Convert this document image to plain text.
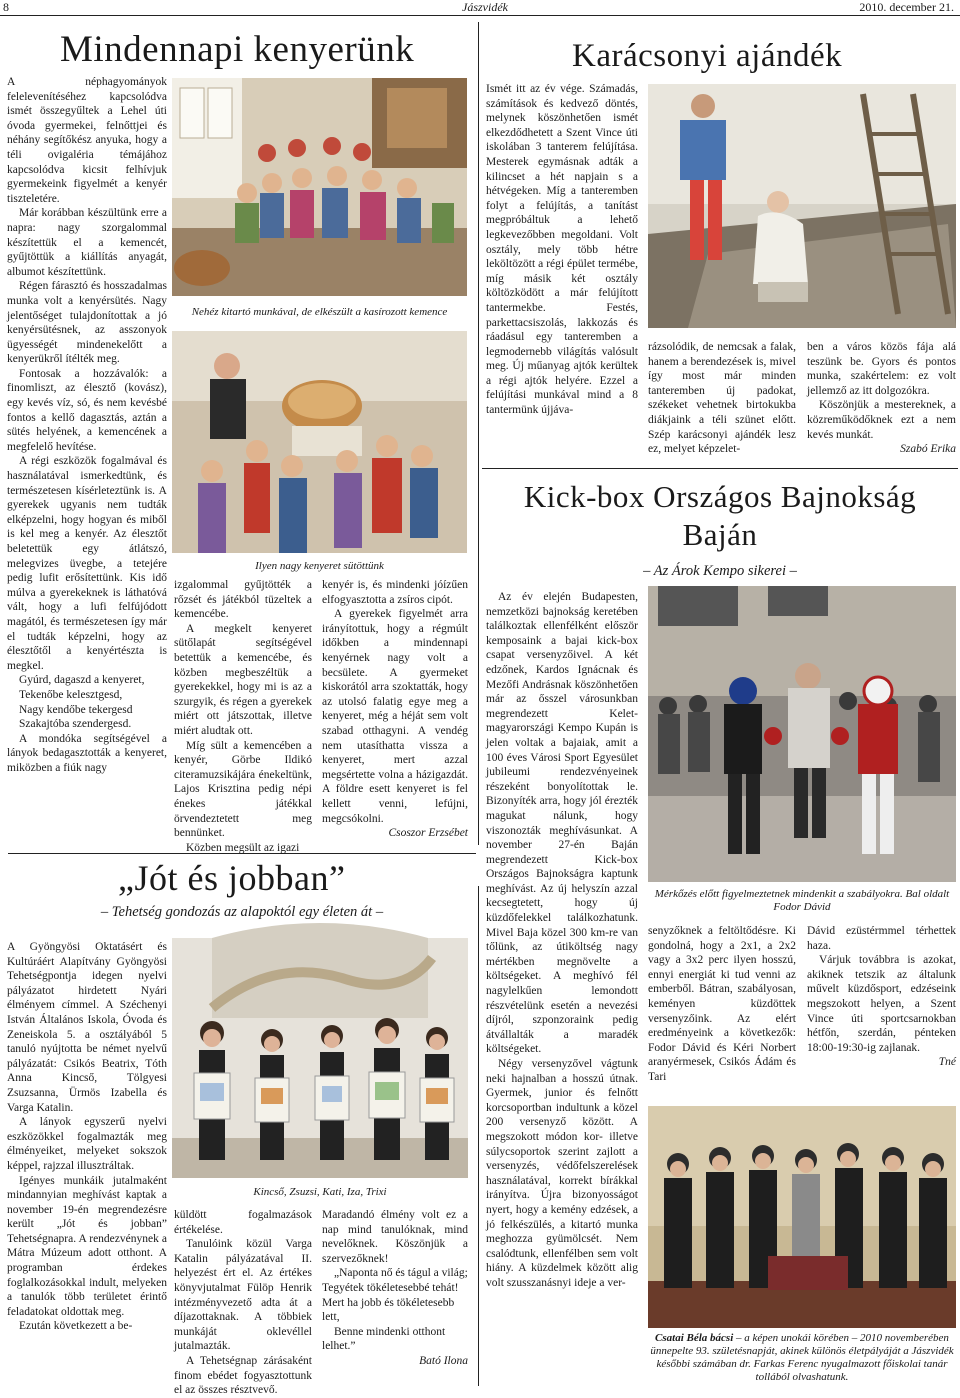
8	Jászvidék	2010. december 21.
Mindennapi kenyerünk

A néphagyományok felelevenítéséhez kapcsolódva ismét összegyűltek a Lehel úti óvoda gyermekei, felnőttjei és néhány segítőkész anyuka, hogy a téli ovigaléria témájához kapcsolódva kicsit felhívjuk gyermekeink figyelmét a kenyér tiszteletére.

Már korábban készültünk erre a napra: nagy szorgalommal készítettük el a kemencét, gyűjtöttük a kiállítás anyagát, albumot készítettünk.

Régen fárasztó és hosszadalmas munka volt a kenyérsütés. Nagy jelentőséget tulajdonítottak a jó kenyérsütésnek, az asszonyok ügyességét mindenekelőtt a kenyerükről ítélték meg.

Fontosak a hozzávalók: a finomliszt, az élesztő (kovász), egy kevés víz, só, és nem kevésbé fontos a kellő dagasztás, aztán a sütés helyének, a kemencének a megfelelő hevítése.

A régi eszközök fogalmával és használatával ismerkedtünk, és természetesen kísérleteztünk is. A gyerekek ugyanis nem tudták elképzelni, hogy hogyan és miből is kel meg a kenyér. Az élesztőt beletettük egy átlátszó, melegvizes üvegbe, a tetejére pedig lufit erősítettünk. Kis idő múlva a gyerekeknek is láthatóvá vált, hogy a lufi felfújódott magától, és természetesen így már el tudták képzelni, hogy az élesztőtől a kenyértészta is megkel.

Gyúrd, dagaszd a kenyeret,

Tekenőbe kelesztgesd,

Nagy kendőbe tekergesd

Szakajtóba szendergesd.

A mondóka segítségével a lányok bedagasztották a kenyeret, miközben a fiúk nagy

Nehéz kitartó munkával, de elkészült a kasírozott kemence
Ilyen nagy kenyeret sütöttünk

izgalommal gyűjtötték a rőzsét és játékból tüzeltek a kemencébe.

A megkelt kenyeret sütőlapát segítségével betettük a kemencébe, és közben megbeszéltük a gyerekekkel, hogy mi is az a szurgyik, és régen a gyerekek miért ott játszottak, illetve miért aludtak ott.

Míg sült a kemencében a kenyér, Görbe Ildikó citeramuzsikájára énekeltünk, Lajos Krisztina pedig népi énekes játékkal örvendeztetett meg bennünket.

Közben megsült az igazi

kenyér is, és mindenki jóízűen elfogyasztotta a zsíros cipót.

A gyerekek figyelmét arra irányítottuk, hogy a régmúlt időkben a mindennapi kenyérnek nagy volt a becsülete. A gyermeket kiskorától arra szoktatták, hogy az utolsó falatig egye meg a kenyeret, még a héját sem volt szabad otthagyni. A vendég nem utasíthatta vissza a kenyeret, mert azzal megsértette volna a házigazdát. A földre esett kenyeret is fel kellett venni, lefújni, megcsókolni.

Csoszor Erzsébet

„Jót és jobban”
– Tehetség gondozás az alapoktól egy életen át –

A Gyöngyösi Oktatásért és Kultúráért Alapítvány Gyöngyösi Tehetségpontja idegen nyelvi pályázatot hirdetett Nyári élményem címmel. A Széchenyi István Általános Iskola, Óvoda és Zeneiskola 5. a osztályából 5 tanuló nyújtotta be német nyelvű pályázatát: Csikós Beatrix, Tóth Anna Kincső, Tölgyesi Zsuzsanna, Ürmös Izabella és Varga Katalin.

A lányok egyszerű nyelvi eszközökkel fogalmazták meg élményeiket, melyeket sokszok képpel, rajzzal illusztráltak.

Igényes munkáik jutalmaként mindannyian meghívást kaptak a november 19-én megrendezésre került „Jót és jobban” Tehetségnapra. A rendezvénynek a Mátra Múzeum adott otthont. A programban érdekes foglalkozásokkal indult, melyeken a tanulók több területet érintő feladatokat oldottak meg.

Ezután következett a be-

Kincső, Zsuzsi, Kati, Iza, Trixi

küldött fogalmazások értékelése.

Tanulóink közül Varga Katalin pályázatával II. helyezést ért el. Az értékes könyvjutalmat Fülöp Henrik intézményvezető adta át a díjazottaknak. A többiek munkáját oklevéllel jutalmazták.

A Tehetségnap zárásaként finom ebédet fogyasztottunk el az összes résztvevő.

Maradandó élmény volt ez a nap mind tanulóknak, mind nevelőknek. Köszönjük a szervezőknek!

„Naponta nő és tágul a világ; Tegyétek tökéletesebbé tehát! Mert ha jobb és tökéletesebb lett,

Benne mindenki otthont lelhet.”

Bató Ilona

Karácsonyi ajándék

Ismét itt az év vége. Számadás, számítások és kedvező döntés, melynek köszönhetően ismét elkezdődhetett a Szent Vince úti iskolában 3 tanterem felújítása. Mesterek egymásnak adták a kilincset a hét napjain s a hétvégeken. Míg a tanteremben folyt a felújítás, a tanítást megpróbáltuk a lehető legkevezőbben megoldani. Volt osztály, mely több hétre leköltözött a régi épület termébe, míg másik két osztály költözködött a már felújított tantermekbe. Festés, parkettacsiszolás, lakkozás és ráadásul egy tanteremben a legmodernebb világítás valósult meg. Új műanyag ajtók kerültek a régi ajtók helyére. Ezzel a felújítási munkával mind a 8 tantermünk újjáva-

rázsolódik, de nemcsak a falak, hanem a berendezések is, mivel így most már minden tanteremben új padokat, székeket vehetnek birtokukba diákjaink a téli szünet előtt. Szép karácsonyi ajándék lesz ez, melyet képzelet-

ben a város közös fája alá teszünk be. Gyors és pontos munka, szakértelem: ez volt jellemző az itt dolgozókra.

Köszönjük a mestereknek, a közreműködőknek ezt a nem kevés munkát.

Szabó Erika

Kick-box Országos Bajnokság
Baján
– Az Árok Kempo sikerei –

Az év elején Budapesten, nemzetközi bajnokság keretében találkoztak ellenfélként először kemposaink a bajai kick-box csapat versenyzőivel. A két edzőnek, Kardos Ignácnak és Mezőfi Andrásnak köszönhetően már az ősszel városunkban megrendezett Kelet-magyarországi Kempo Kupán is jelen voltak a bajaiak, amit a 100 éves Városi Sport Egyesület jubileumi rendezvényeinek részeként bonyolítottak le. Bizonyíték arra, hogy jól érezték magukat nálunk, hogy viszonozták meghívásunkat. A november 27-én Baján megrendezett Kick-box Országos Bajnokságra kaptunk meghívást. Az új helyszín azzal kecsegtetett, hogy új küzdőfelekkel találkozhatunk. Mivel Baja közel 300 km-re van tőlünk, az útiköltség nagy mértékben megnövelte a költségeket. A meghívó fél nagylelkűen lemondott részvételünk esetén a nevezési díjról, szponzoraink pedig átvállalták a maradék költségeket.

Négy versenyzővel vágtunk neki hajnalban a hosszú útnak. Gyermek, junior és felnőtt korcsoportban indultunk a közel 200 versenyző között. A megszokott módon kor- illetve súlycsoportok szerint zajlott a versenyzés, védőfelszerelések használatával, korrekt bírákkal irányítva. Újra bizonyosságot nyert, hogy a kemény edzések, a jó felkészülés, a kitartó munka meghozza gyümölcsét. Nem csalódtunk, ellenfélben sem volt hiány. A küzdelmek között alig volt szusszanásnyi ideje a ver-

Mérkőzés előtt figyelmeztetnek mindenkit a szabályokra. Bal oldalt Fodor Dávid

senyzőknek a feltöltődésre. Ki gondolná, hogy a 2x1, a 2x2 vagy a 3x2 perc ilyen hosszú, ennyi energiát ki tud venni az emberből. Bátran, szabályosan, keményen küzdöttek versenyzőink. Az elért eredményeink a következők: Fodor Dávid és Kéri Norbert aranyérmesek, Csikós Ádám és Tari

Dávid ezüstérmmel térhettek haza.

Várjuk továbbra is azokat, akiknek tetszik az általunk művelt küzdősport, edzéseink megszokott helyen, a Szent Vince úti sportcsarnokban hétfőn, szerdán, pénteken 18:00-19:30-ig zajlanak.

Tné

Csatai Béla bácsi – a képen unokái körében – 2010 novemberében ünnepelte 93. születésnapját, akinek különös életpályáját a Jászvidék későbbi számában dr. Farkas Ferenc nyugalmazott főiskolai tanár tollából olvashatunk.
